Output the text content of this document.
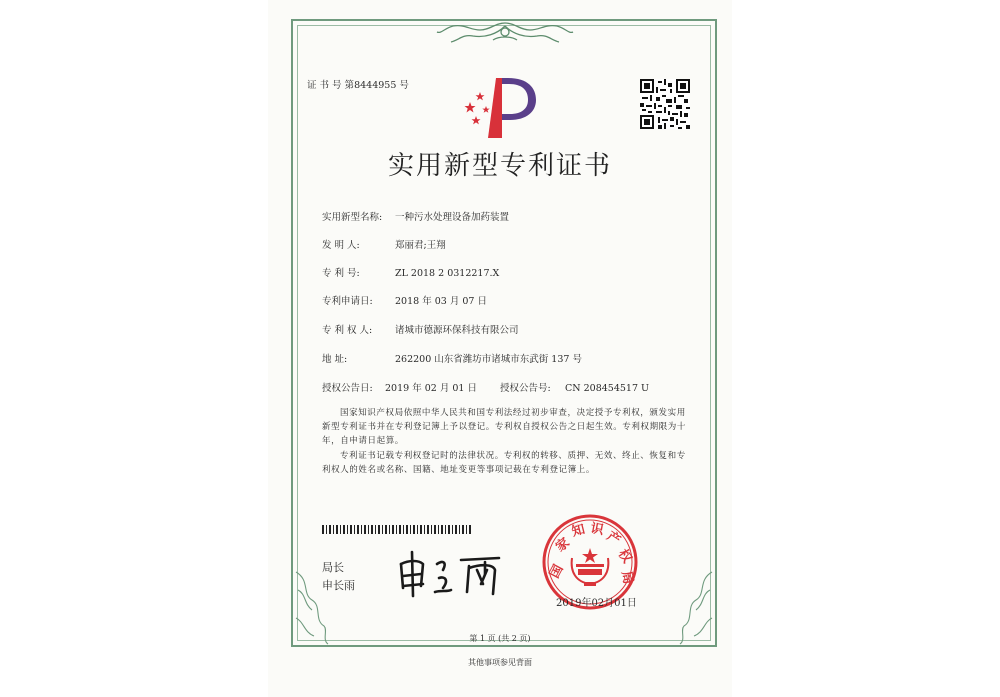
证 书 号 第8444955 号
实用新型专利证书
实用新型名称: 一种污水处理设备加药装置
发 明 人:	郑丽君;王翔
专 利 号:	ZL 2018 2 0312217.X
专利申请日: 2018 年 03 月 07 日
专 利 权 人: 诸城市德源环保科技有限公司
地 址:	262200 山东省潍坊市诸城市东武街 137 号
授权公告日: 2019 年 02 月 01 日 授权公告号: CN 208454517 U
国家知识产权局依照中华人民共和国专利法经过初步审查，决定授予专利权，颁发实用新型专利证书并在专利登记簿上予以登记。专利权自授权公告之日起生效。专利权期限为十年，自申请日起算。
专利证书记载专利权登记时的法律状况。专利权的转移、质押、无效、终止、恢复和专利权人的姓名或名称、国籍、地址变更等事项记载在专利登记簿上。
局长
申长雨
国
家
知 识 产
权
局
2019年02月01日
第 1 页 (共 2 页)
其他事项参见背面
